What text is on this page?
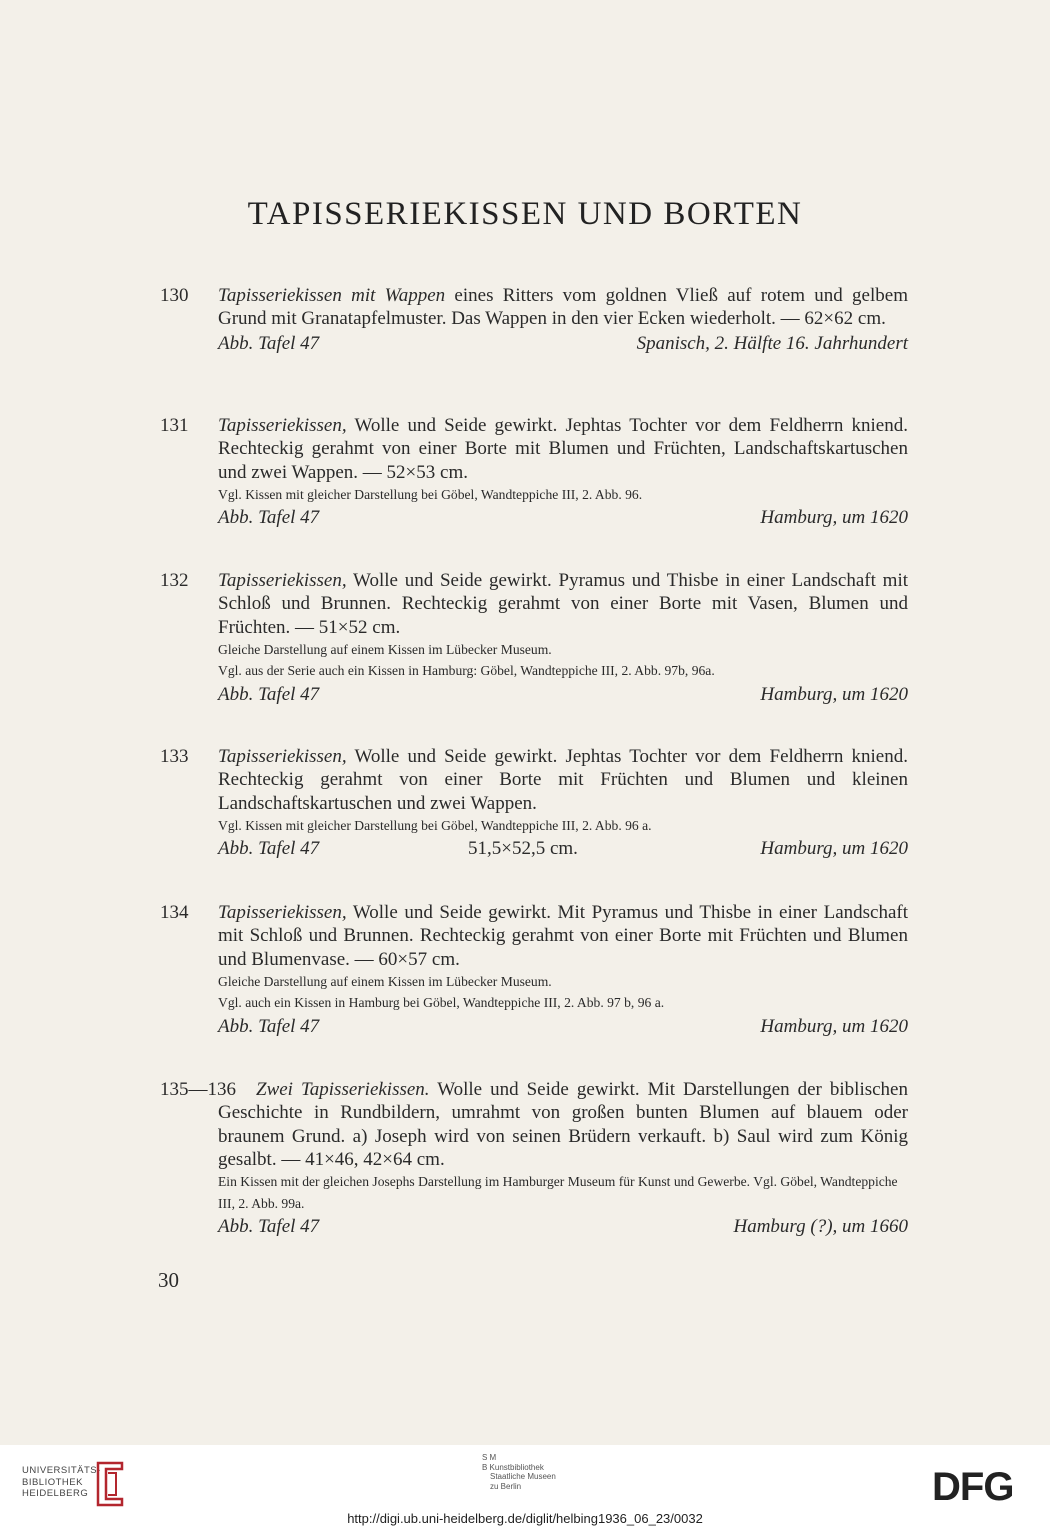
TAPISSERIEKISSEN UND BORTEN
130 Tapisseriekissen mit Wappen eines Ritters vom goldnen Vließ auf rotem und gelbem Grund mit Granatapfelmuster. Das Wappen in den vier Ecken wiederholt. — 62×62 cm.

Abb. Tafel 47	Spanisch, 2. Hälfte 16. Jahrhundert
131 Tapisseriekissen, Wolle und Seide gewirkt. Jephtas Tochter vor dem Feldherrn kniend. Rechteckig gerahmt von einer Borte mit Blumen und Früchten, Landschaftskartuschen und zwei Wappen. — 52×53 cm.

Vgl. Kissen mit gleicher Darstellung bei Göbel, Wandteppiche III, 2. Abb. 96.

Abb. Tafel 47	Hamburg, um 1620
132 Tapisseriekissen, Wolle und Seide gewirkt. Pyramus und Thisbe in einer Landschaft mit Schloß und Brunnen. Rechteckig gerahmt von einer Borte mit Vasen, Blumen und Früchten. — 51×52 cm.

Gleiche Darstellung auf einem Kissen im Lübecker Museum.

Vgl. aus der Serie auch ein Kissen in Hamburg: Göbel, Wandteppiche III, 2. Abb. 97b, 96a.

Abb. Tafel 47	Hamburg, um 1620
133 Tapisseriekissen, Wolle und Seide gewirkt. Jephtas Tochter vor dem Feldherrn kniend. Rechteckig gerahmt von einer Borte mit Früchten und Blumen und kleinen Landschaftskartuschen und zwei Wappen.

Vgl. Kissen mit gleicher Darstellung bei Göbel, Wandteppiche III, 2. Abb. 96 a.

Abb. Tafel 47	51,5×52,5 cm.	Hamburg, um 1620
134 Tapisseriekissen, Wolle und Seide gewirkt. Mit Pyramus und Thisbe in einer Landschaft mit Schloß und Brunnen. Rechteckig gerahmt von einer Borte mit Früchten und Blumen und Blumenvase. — 60×57 cm.

Gleiche Darstellung auf einem Kissen im Lübecker Museum.

Vgl. auch ein Kissen in Hamburg bei Göbel, Wandteppiche III, 2. Abb. 97 b, 96 a.

Abb. Tafel 47	Hamburg, um 1620
135—136	Zwei Tapisseriekissen. Wolle und Seide gewirkt. Mit Darstellungen der biblischen Geschichte in Rundbildern, umrahmt von großen bunten Blumen auf blauem oder braunem Grund. a) Joseph wird von seinen Brüdern verkauft. b) Saul wird zum König gesalbt. — 41×46, 42×64 cm.

Ein Kissen mit der gleichen Josephs Darstellung im Hamburger Museum für Kunst und Gewerbe. Vgl. Göbel, Wandteppiche III, 2. Abb. 99a.

Abb. Tafel 47	Hamburg (?), um 1660
30
UNIVERSITÄTS-
BIBLIOTHEK
HEIDELBERG
S M
B Kunstbibliothek
Staatliche Museen
zu Berlin	DFG
http://digi.ub.uni-heidelberg.de/diglit/helbing1936_06_23/0032
